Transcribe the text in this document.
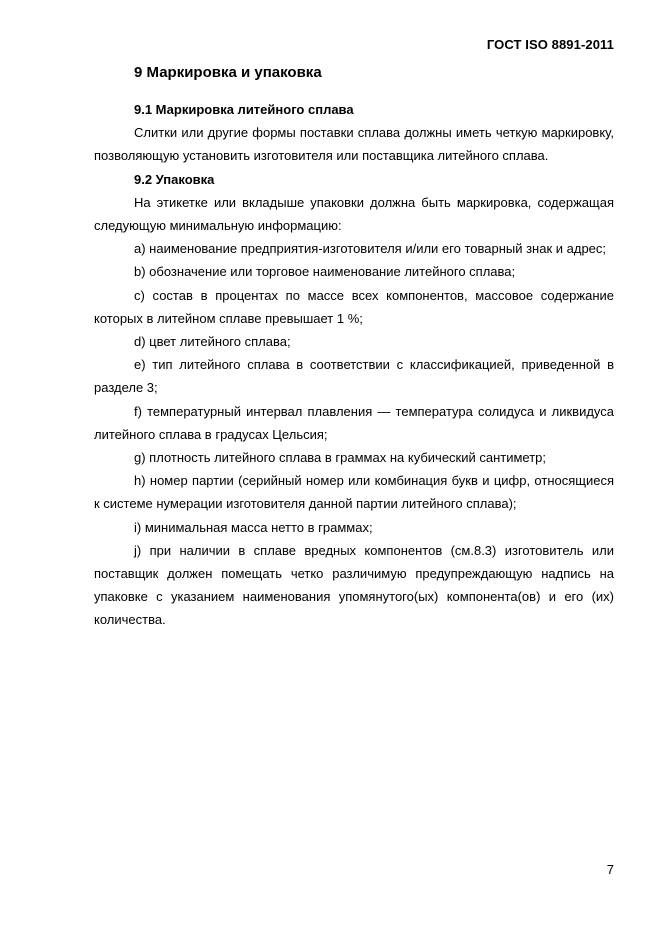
ГОСТ ISO 8891-2011
9 Маркировка и упаковка
9.1 Маркировка литейного сплава

Слитки или другие формы поставки сплава должны иметь четкую маркировку, позволяющую установить изготовителя или поставщика литейного сплава.

9.2 Упаковка

На этикетке или вкладыше упаковки должна быть маркировка, содержащая следующую минимальную информацию:

a) наименование предприятия-изготовителя и/или его товарный знак и адрес;

b) обозначение или торговое наименование литейного сплава;

c) состав в процентах по массе всех компонентов, массовое содержание которых в литейном сплаве превышает 1 %;

d) цвет литейного сплава;

e) тип литейного сплава в соответствии с классификацией, приведенной в разделе 3;

f) температурный интервал плавления — температура солидуса и ликвидуса литейного сплава в градусах Цельсия;

g) плотность литейного сплава в граммах на кубический сантиметр;

h) номер партии (серийный номер или комбинация букв и цифр, относящиеся к системе нумерации изготовителя данной партии литейного сплава);

i) минимальная масса нетто в граммах;

j) при наличии в сплаве вредных компонентов (см.8.3) изготовитель или поставщик должен помещать четко различимую предупреждающую надпись на упаковке с указанием наименования упомянутого(ых) компонента(ов) и его (их) количества.

7
